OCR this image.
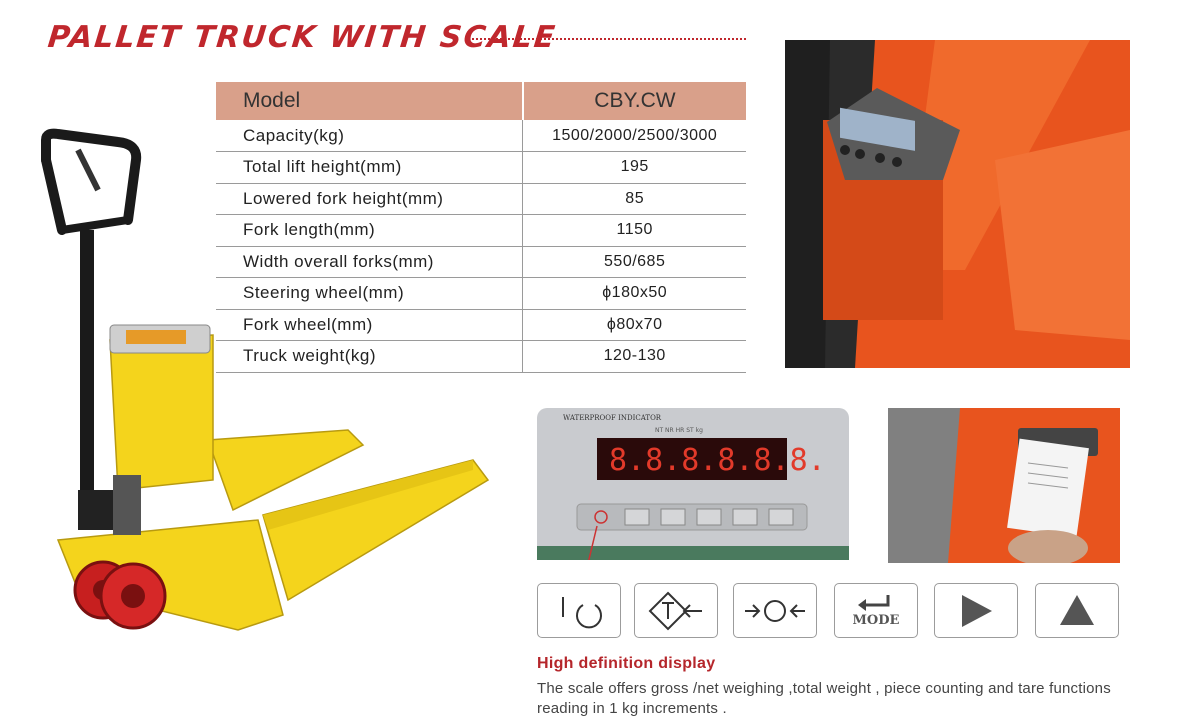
PALLET TRUCK WITH SCALE
Model	CBY.CW
Capacity(kg)	1500/2000/2500/3000
Total lift height(mm)	195
Lowered fork height(mm)	85
Fork length(mm)	1150
Width overall forks(mm)	550/685
Steering wheel(mm)	ϕ180x50
Fork wheel(mm)	ϕ80x70
Truck weight(kg)	120-130
WATERPROOF INDICATOR
NT NR HR ST kg
8.8.8.8.8.8.
MODE
High definition display
The scale offers gross /net weighing ,total weight , piece counting and tare functions reading in 1 kg increments .
